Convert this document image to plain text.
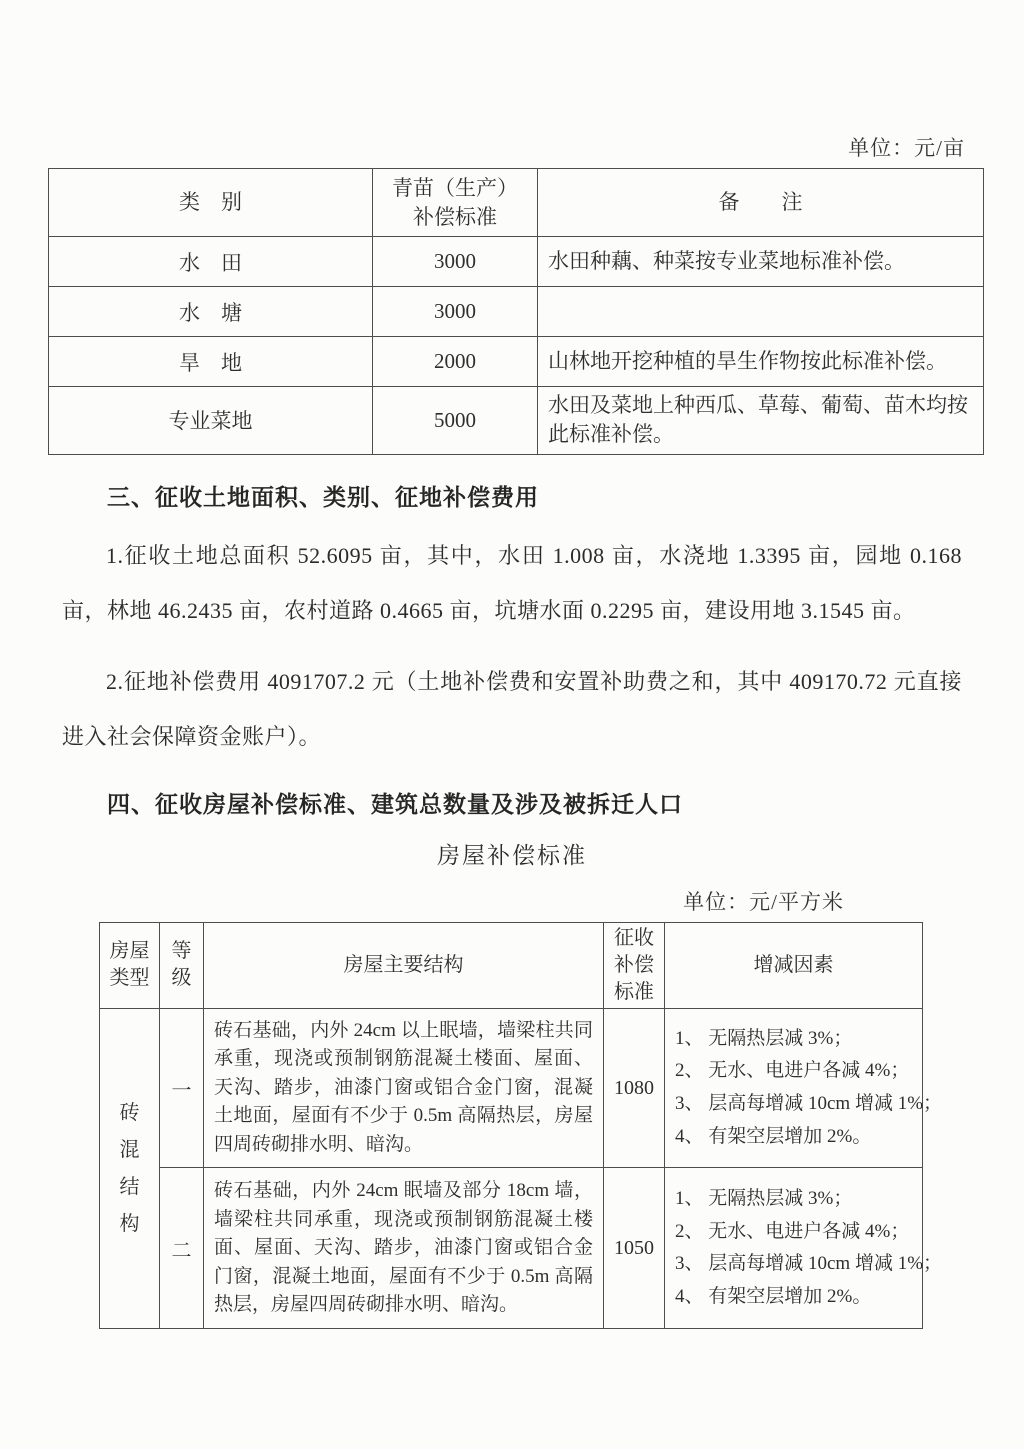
单位：元/亩
类　别	青苗（生产）补偿标准	备　　注
水　田	3000	水田种藕、种菜按专业菜地标准补偿。
水　塘	3000	
旱　地	2000	山林地开挖种植的旱生作物按此标准补偿。
专业菜地	5000	水田及菜地上种西瓜、草莓、葡萄、苗木均按此标准补偿。
三、征收土地面积、类别、征地补偿费用

1.征收土地总面积 52.6095 亩，其中，水田 1.008 亩，水浇地 1.3395 亩，园地 0.168 亩，林地 46.2435 亩，农村道路 0.4665 亩，坑塘水面 0.2295 亩，建设用地 3.1545 亩。

2.征地补偿费用 4091707.2 元（土地补偿费和安置补助费之和，其中 409170.72 元直接进入社会保障资金账户）。

四、征收房屋补偿标准、建筑总数量及涉及被拆迁人口
房屋补偿标准
单位：元/平方米
房屋类型	等级	房屋主要结构	征收补偿标准	增减因素
砖混结构	一	砖石基础，内外 24cm 以上眠墙，墙梁柱共同承重，现浇或预制钢筋混凝土楼面、屋面、天沟、踏步，油漆门窗或铝合金门窗，混凝土地面，屋面有不少于 0.5m 高隔热层，房屋四周砖砌排水明、暗沟。	1080	1、 无隔热层减 3%；
2、 无水、电进户各减 4%；
3、 层高每增减 10cm 增减 1%；
4、 有架空层增加 2%。

	二	砖石基础，内外 24cm 眠墙及部分 18cm 墙，墙梁柱共同承重，现浇或预制钢筋混凝土楼面、屋面、天沟、踏步，油漆门窗或铝合金门窗，混凝土地面，屋面有不少于 0.5m 高隔热层，房屋四周砖砌排水明、暗沟。	1050	1、 无隔热层减 3%；
2、 无水、电进户各减 4%；
3、 层高每增减 10cm 增减 1%；
4、 有架空层增加 2%。
